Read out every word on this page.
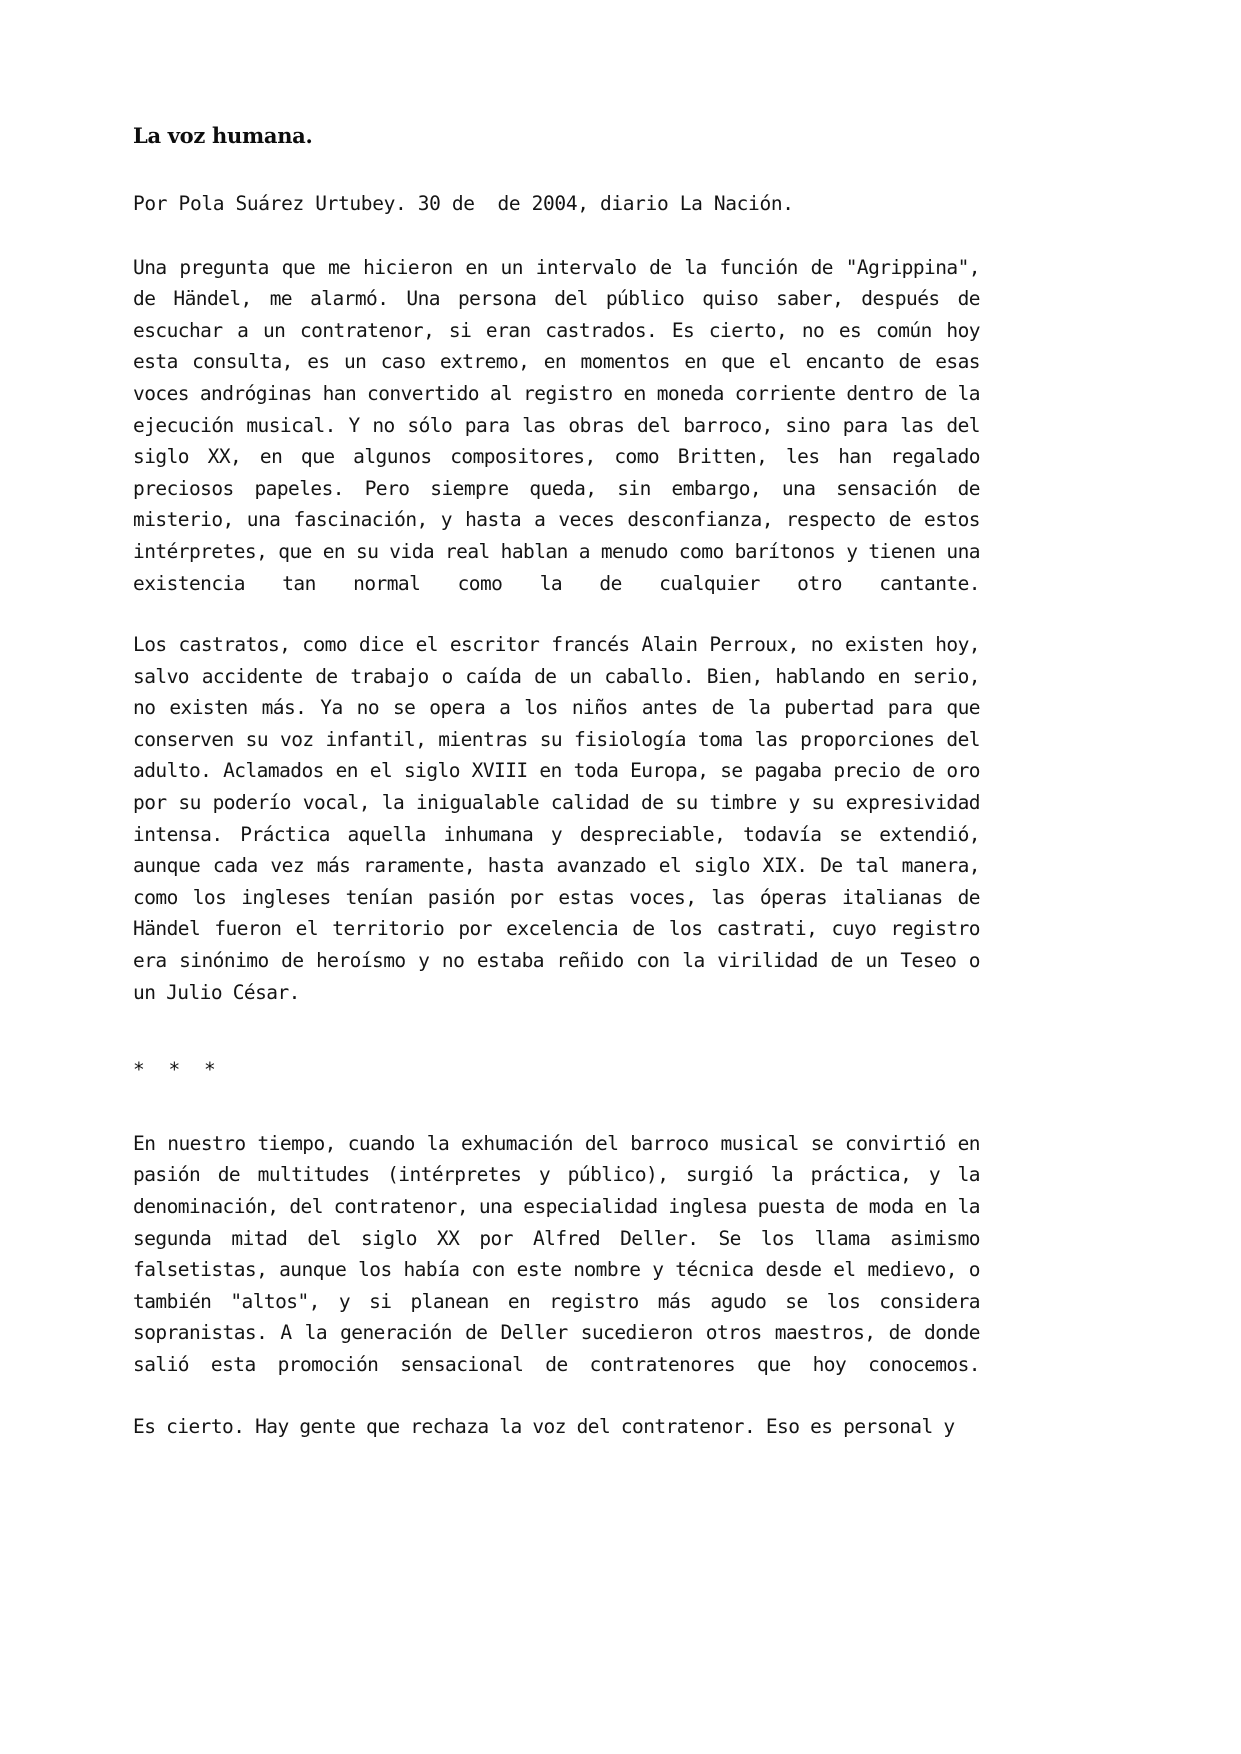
La voz humana.

Por Pola Suárez Urtubey. 30 de  de 2004, diario La Nación.

Una pregunta que me hicieron en un intervalo de la función de "Agrippina", de Händel, me alarmó. Una persona del público quiso saber, después de escuchar a un contratenor, si eran castrados. Es cierto, no es común hoy esta consulta, es un caso extremo, en momentos en que el encanto de esas voces andróginas han convertido al registro en moneda corriente dentro de la ejecución musical. Y no sólo para las obras del barroco, sino para las del siglo XX, en que algunos compositores, como Britten, les han regalado preciosos papeles. Pero siempre queda, sin embargo, una sensación de misterio, una fascinación, y hasta a veces desconfianza, respecto de estos intérpretes, que en su vida real hablan a menudo como barítonos y tienen una existencia tan normal como la de cualquier otro cantante.

Los castratos, como dice el escritor francés Alain Perroux, no existen hoy, salvo accidente de trabajo o caída de un caballo. Bien, hablando en serio, no existen más. Ya no se opera a los niños antes de la pubertad para que conserven su voz infantil, mientras su fisiología toma las proporciones del adulto. Aclamados en el siglo XVIII en toda Europa, se pagaba precio de oro por su poderío vocal, la inigualable calidad de su timbre y su expresividad intensa. Práctica aquella inhumana y despreciable, todavía se extendió, aunque cada vez más raramente, hasta avanzado el siglo XIX. De tal manera, como los ingleses tenían pasión por estas voces, las óperas italianas de Händel fueron el territorio por excelencia de los castrati, cuyo registro era sinónimo de heroísmo y no estaba reñido con la virilidad de un Teseo o un Julio César.

* * *

En nuestro tiempo, cuando la exhumación del barroco musical se convirtió en pasión de multitudes (intérpretes y público), surgió la práctica, y la denominación, del contratenor, una especialidad inglesa puesta de moda en la segunda mitad del siglo XX por Alfred Deller. Se los llama asimismo falsetistas, aunque los había con este nombre y técnica desde el medievo, o también "altos", y si planean en registro más agudo se los considera sopranistas. A la generación de Deller sucedieron otros maestros, de donde salió esta promoción sensacional de contratenores que hoy conocemos.

Es cierto. Hay gente que rechaza la voz del contratenor. Eso es personal y
